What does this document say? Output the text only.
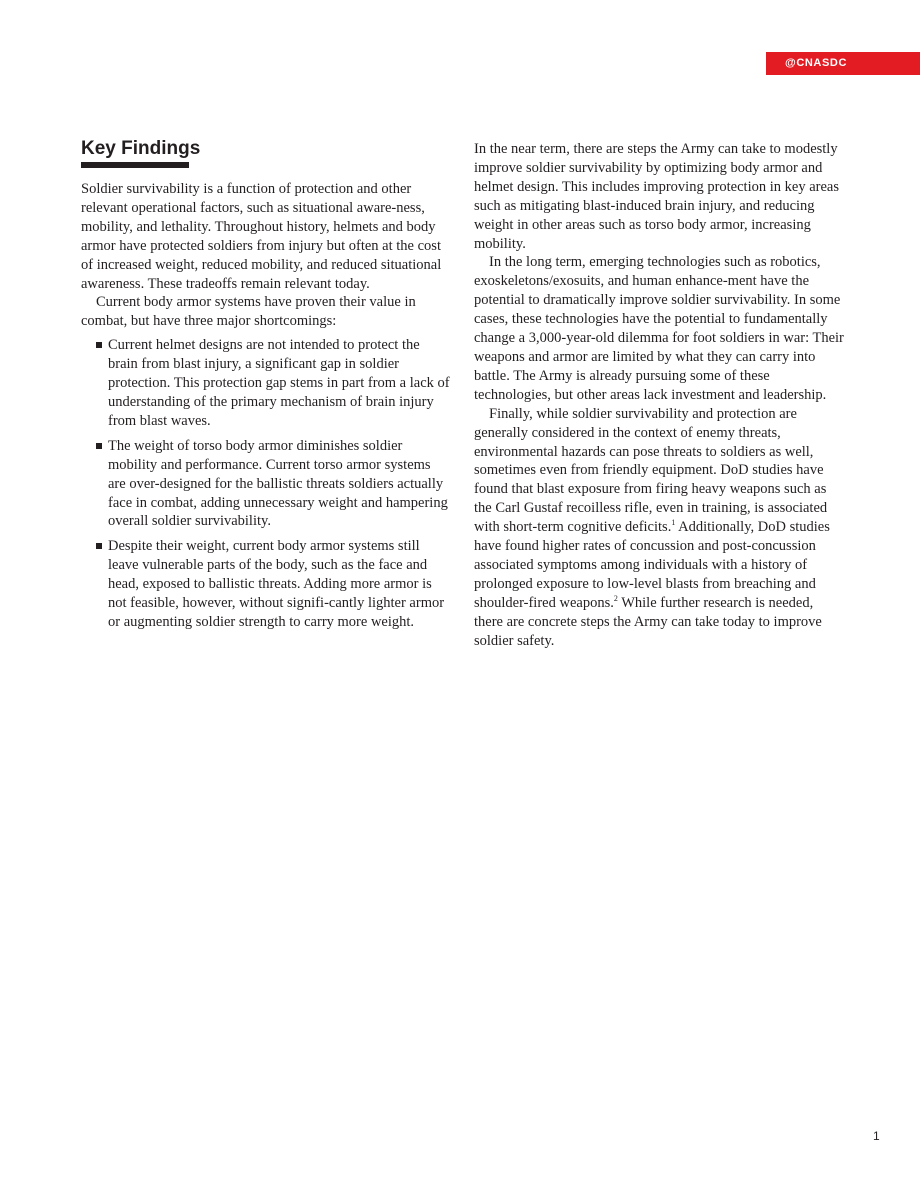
@CNASDC
Key Findings

Soldier survivability is a function of protection and other relevant operational factors, such as situational aware-ness, mobility, and lethality. Throughout history, helmets and body armor have protected soldiers from injury but often at the cost of increased weight, reduced mobility, and reduced situational awareness. These tradeoffs remain relevant today.

Current body armor systems have proven their value in combat, but have three major shortcomings:

Current helmet designs are not intended to protect the brain from blast injury, a significant gap in soldier protection. This protection gap stems in part from a lack of understanding of the primary mechanism of brain injury from blast waves.
The weight of torso body armor diminishes soldier mobility and performance. Current torso armor systems are over-designed for the ballistic threats soldiers actually face in combat, adding unnecessary weight and hampering overall soldier survivability.
Despite their weight, current body armor systems still leave vulnerable parts of the body, such as the face and head, exposed to ballistic threats. Adding more armor is not feasible, however, without signifi-cantly lighter armor or augmenting soldier strength to carry more weight.

In the near term, there are steps the Army can take to modestly improve soldier survivability by optimizing body armor and helmet design. This includes improving protection in key areas such as mitigating blast-induced brain injury, and reducing weight in other areas such as torso body armor, increasing mobility.

In the long term, emerging technologies such as robotics, exoskeletons/exosuits, and human enhance-ment have the potential to dramatically improve soldier survivability. In some cases, these technologies have the potential to fundamentally change a 3,000-year-old dilemma for foot soldiers in war: Their weapons and armor are limited by what they can carry into battle. The Army is already pursuing some of these technologies, but other areas lack investment and leadership.

Finally, while soldier survivability and protection are generally considered in the context of enemy threats, environmental hazards can pose threats to soldiers as well, sometimes even from friendly equipment. DoD studies have found that blast exposure from firing heavy weapons such as the Carl Gustaf recoilless rifle, even in training, is associated with short-term cognitive deficits.$^1$ Additionally, DoD studies have found higher rates of concussion and post-concussion associated symptoms among individuals with a history of prolonged exposure to low-level blasts from breaching and shoulder-fired weapons.$^2$ While further research is needed, there are concrete steps the Army can take today to improve soldier safety.

1
